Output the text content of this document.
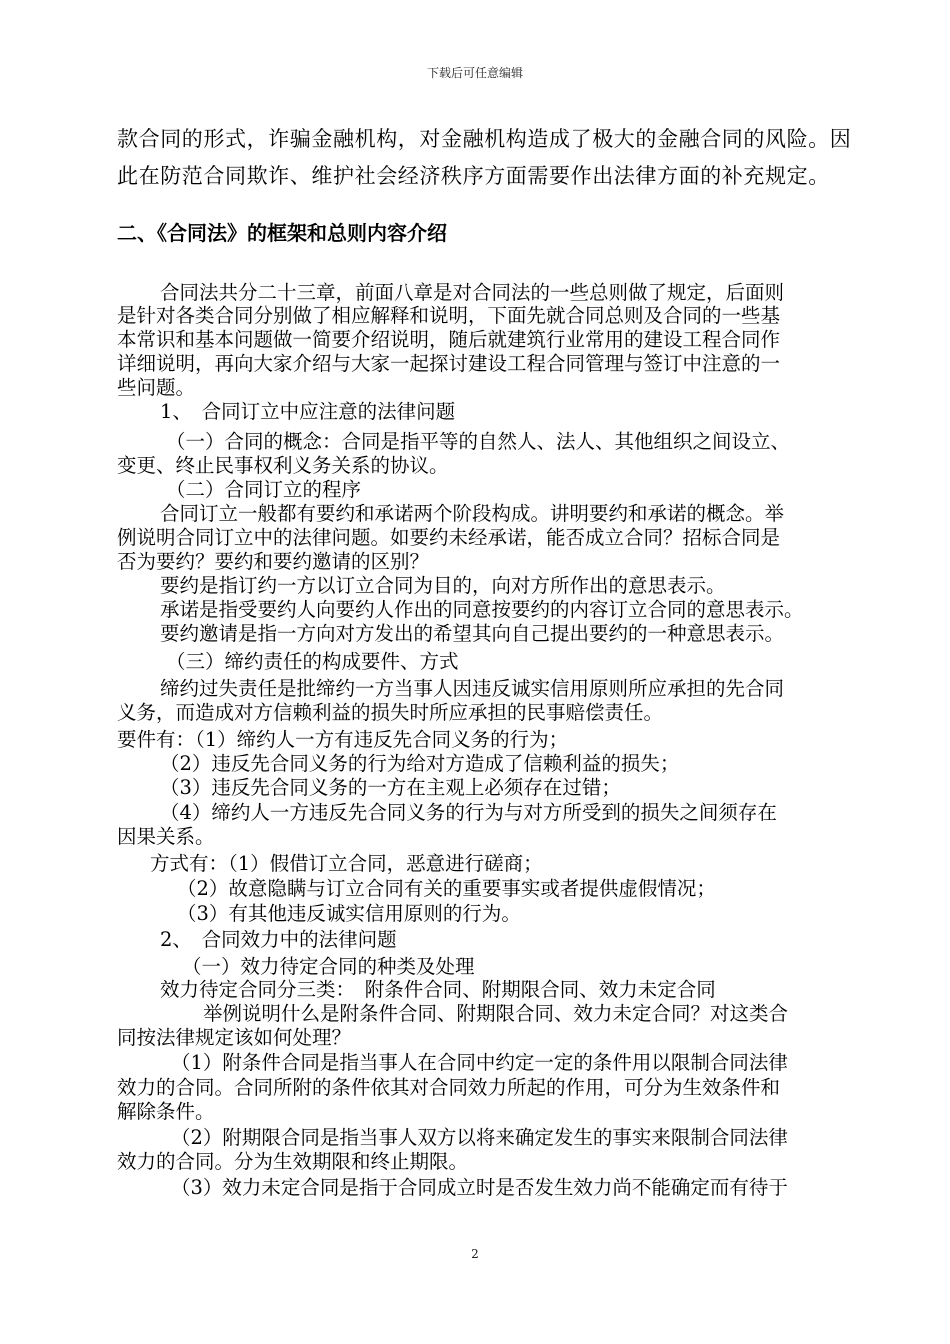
下载后可任意编辑
款合同的形式，诈骗金融机构，对金融机构造成了极大的金融合同的风险。因
此在防范合同欺诈、维护社会经济秩序方面需要作出法律方面的补充规定。
二、《合同法》的框架和总则内容介绍
合同法共分二十三章，前面八章是对合同法的一些总则做了规定，后面则
是针对各类合同分别做了相应解释和说明，下面先就合同总则及合同的一些基
本常识和基本问题做一简要介绍说明，随后就建筑行业常用的建设工程合同作
详细说明，再向大家介绍与大家一起探讨建设工程合同管理与签订中注意的一
些问题。
1、　合同订立中应注意的法律问题
（一）合同的概念：合同是指平等的自然人、法人、其他组织之间设立、
变更、终止民事权利义务关系的协议。
（二）合同订立的程序
合同订立一般都有要约和承诺两个阶段构成。讲明要约和承诺的概念。举
例说明合同订立中的法律问题。如要约未经承诺，能否成立合同？招标合同是
否为要约？要约和要约邀请的区别？
要约是指订约一方以订立合同为目的，向对方所作出的意思表示。
承诺是指受要约人向要约人作出的同意按要约的内容订立合同的意思表示。
要约邀请是指一方向对方发出的希望其向自己提出要约的一种意思表示。
（三）缔约责任的构成要件、方式
缔约过失责任是批缔约一方当事人因违反诚实信用原则所应承担的先合同
义务，而造成对方信赖利益的损失时所应承担的民事赔偿责任。
要件有：（1）缔约人一方有违反先合同义务的行为；
（2）违反先合同义务的行为给对方造成了信赖利益的损失；
（3）违反先合同义务的一方在主观上必须存在过错；
（4）缔约人一方违反先合同义务的行为与对方所受到的损失之间须存在
因果关系。
方式有：（1）假借订立合同，恶意进行磋商；
（2）故意隐瞒与订立合同有关的重要事实或者提供虚假情况；
（3）有其他违反诚实信用原则的行为。
2、　合同效力中的法律问题
（一）效力待定合同的种类及处理
效力待定合同分三类：　附条件合同、附期限合同、效力未定合同
举例说明什么是附条件合同、附期限合同、效力未定合同？对这类合
同按法律规定该如何处理？
（1）附条件合同是指当事人在合同中约定一定的条件用以限制合同法律
效力的合同。合同所附的条件依其对合同效力所起的作用，可分为生效条件和
解除条件。
（2）附期限合同是指当事人双方以将来确定发生的事实来限制合同法律
效力的合同。分为生效期限和终止期限。
（3）效力未定合同是指于合同成立时是否发生效力尚不能确定而有待于
2
